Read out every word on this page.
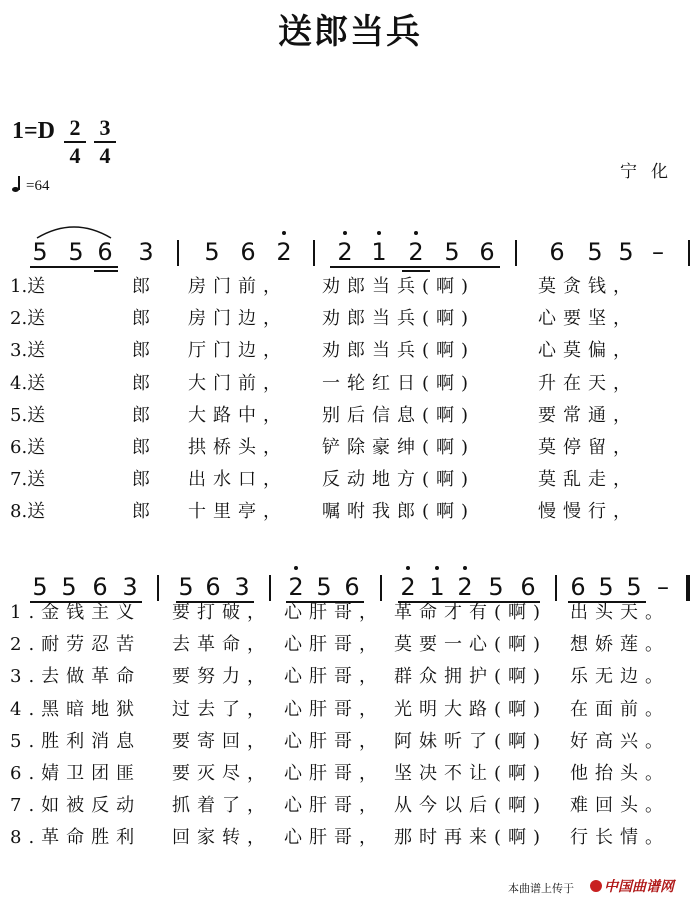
送郎当兵
1=D 2
4
3
4
=64
宁化
5 5 6 3 5 6 2 2 1 2 5 6 6 5 5 –
1.送	郎 房门前， 劝郎当兵(啊)	莫贪钱，
2.送	郎 房门边， 劝郎当兵(啊)	心要坚，
3.送	郎 厅门边， 劝郎当兵(啊)	心莫偏，
4.送	郎 大门前， 一轮红日(啊)	升在天，
5.送	郎 大路中， 别后信息(啊)	要常通，
6.送	郎 拱桥头， 铲除豪绅(啊)	莫停留，
7.送	郎 出水口， 反动地方(啊)	莫乱走，
8.送	郎 十里亭， 嘱咐我郎(啊)	慢慢行，
5 5 6 3 5 6 3 2 5 6 2 1 2 5 6 6 5 5 –
1.金钱主义 要打破， 心肝哥， 革命才有(啊) 出头天。
2.耐劳忍苦 去革命， 心肝哥， 莫要一心(啊) 想娇莲。
3.去做革命 要努力， 心肝哥， 群众拥护(啊) 乐无边。
4.黑暗地狱 过去了， 心肝哥， 光明大路(啊) 在面前。
5.胜利消息 要寄回， 心肝哥， 阿妹听了(啊) 好高兴。
6.婧卫团匪 要灭尽， 心肝哥， 坚决不让(啊) 他抬头。
7.如被反动 抓着了， 心肝哥， 从今以后(啊) 难回头。
8.革命胜利 回家转， 心肝哥， 那时再来(啊) 行长情。
本曲谱上传于	中国曲谱网
